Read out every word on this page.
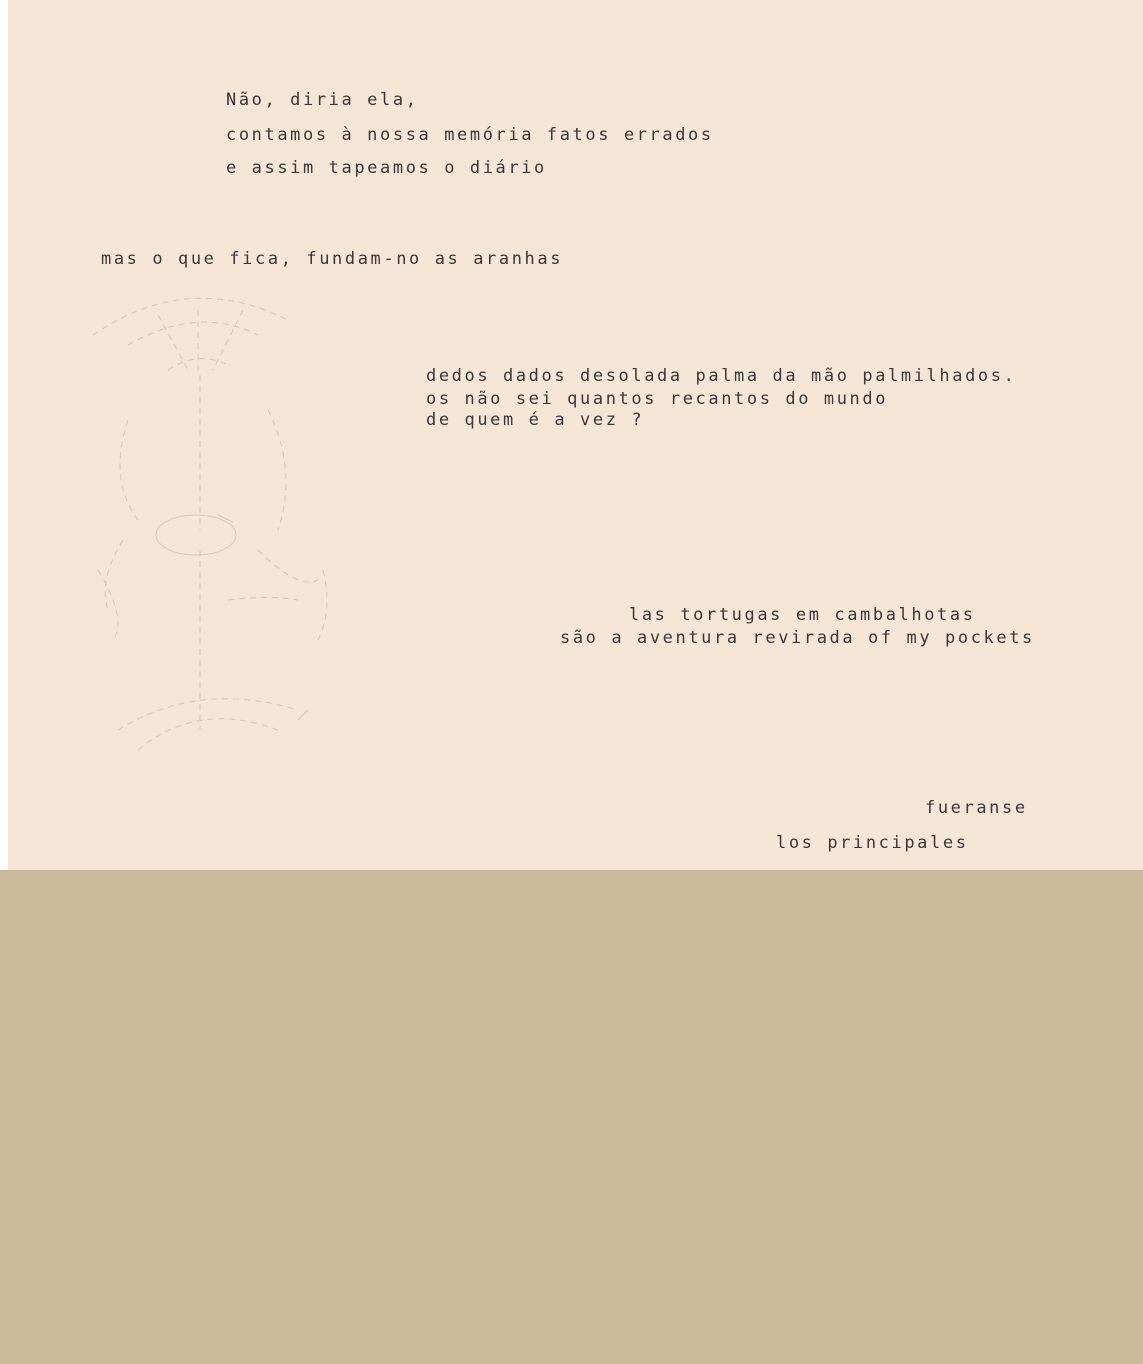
Não, diria ela,

contamos à nossa memória fatos errados

e assim tapeamos o diário

mas o que fica, fundam-no as aranhas

dedos dados desolada palma da mão palmilhados.

os não sei quantos recantos do mundo

de quem é a vez ?

las tortugas em cambalhotas

são a aventura revirada of my pockets

fueranse

los principales
